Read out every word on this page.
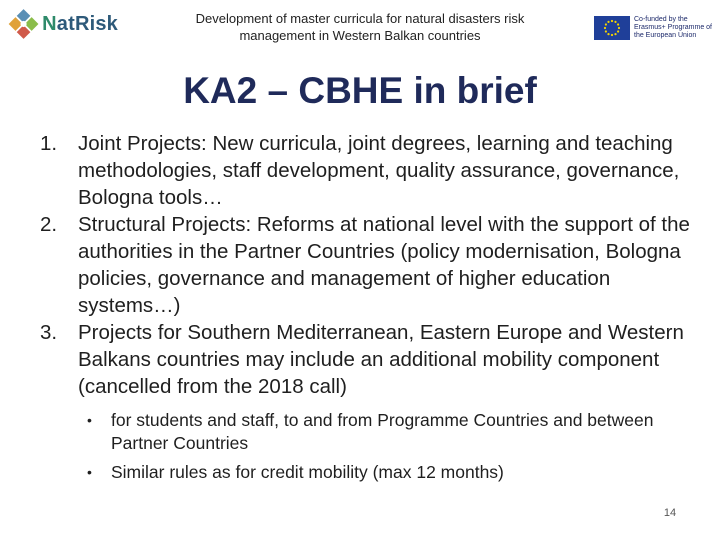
NatRisk	Development of master curricula for natural disasters risk management in Western Balkan countries
Co-funded by the Erasmus+ Programme of the European Union
KA2 – CBHE in brief
1. Joint Projects: New curricula, joint degrees, learning and teaching methodologies, staff development, quality assurance, governance, Bologna tools…
2. Structural Projects: Reforms at national level with the support of the authorities in the Partner Countries (policy modernisation, Bologna policies, governance and management of higher education systems…)
3. Projects for Southern Mediterranean, Eastern Europe and Western Balkans countries may include an additional mobility component (cancelled from the 2018 call)
• for students and staff, to and from Programme Countries and between Partner Countries
• Similar rules as for credit mobility (max 12 months)
14
